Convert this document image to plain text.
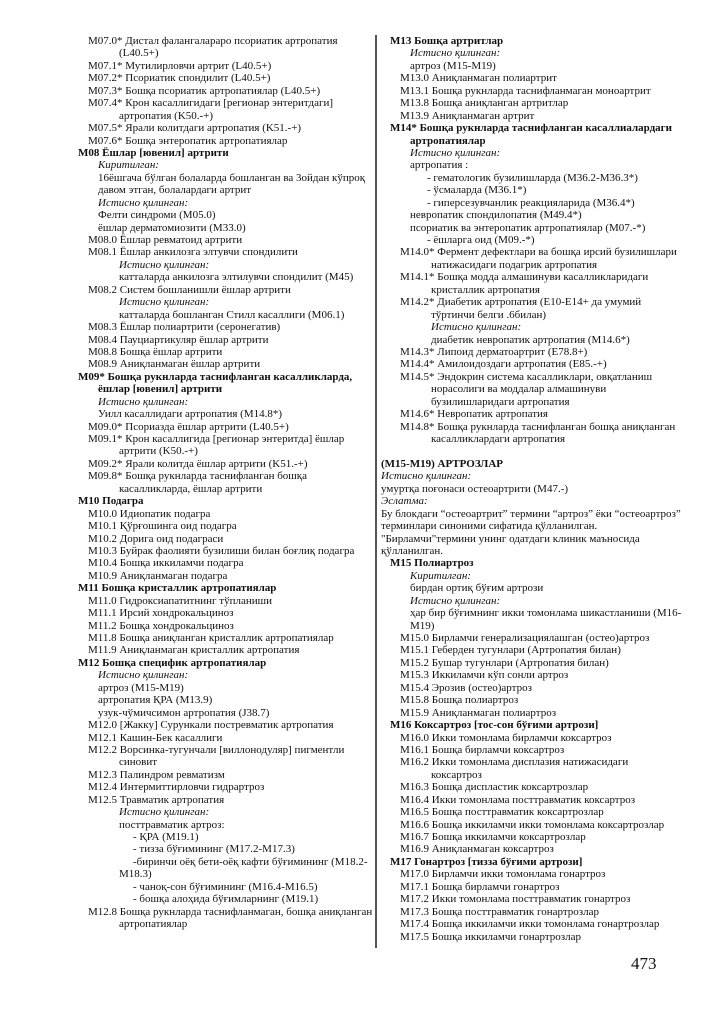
M07.0* Дистал фалангалараро псориатик артропатия
(L40.5+)
M07.1* Мутилирловчи артрит (L40.5+)
M07.2* Псориатик спондилит (L40.5+)
M07.3* Бошқа псориатик артропатиялар (L40.5+)
M07.4* Крон касаллигидаги [регионар энтеритдаги]
артропатия (K50.-+)
M07.5* Ярали колитдаги артропатия (K51.-+)
M07.6* Бошқа энтеропатик артропатиялар
M08 Ёшлар [ювенил] артрити
Киритилган:
16ёшгача бўлган болаларда бошланган ва 3ойдан кўпроқ
давом этган, болалардаги артрит
Истисно қилинган:
Фелти синдроми (M05.0)
ёшлар дерматомиозити (M33.0)
M08.0 Ёшлар ревматоид артрити
M08.1 Ёшлар анкилозга элтувчи спондилити
Истисно қилинган:
катталарда анкилозга элтилувчи спондилит (M45)
M08.2 Систем бошланишли ёшлар артрити
Истисно қилинган:
катталарда бошланган Стилл касаллиги (M06.1)
M08.3 Ёшлар полиартрити (серонегатив)
M08.4 Пауциартикуляр ёшлар артрити
M08.8 Бошқа ёшлар артрити
M08.9 Аниқланмаган ёшлар артрити
M09* Бошқа рукнларда таснифланган касалликларда,
ёшлар [ювенил] артрити
Истисно қилинган:
Уилл касаллидаги артропатия (M14.8*)
M09.0* Псориазда ёшлар артрити (L40.5+)
M09.1* Крон касаллигида [регионар энтеритда] ёшлар
артрити (K50.-+)
M09.2* Ярали колитда ёшлар артрити (K51.-+)
M09.8* Бошқа рукнларда таснифланган бошқа
касалликларда, ёшлар артрити
M10 Подагра
M10.0 Идиопатик подагра
M10.1 Қўрғошинга оид подагра
M10.2 Дорига оид подаграси
M10.3 Буйрак фаолияти бузилиши билан боғлиқ подагра
M10.4 Бошқа иккиламчи подагра
M10.9 Аниқланмаган подагра
M11 Бошқа кристаллик артропатиялар
M11.0 Гидроксиапатитнинг тўпланиши
M11.1 Ирсий хондрокальциноз
M11.2 Бошқа хондрокальциноз
M11.8 Бошқа аниқланган кристаллик артропатиялар
M11.9 Аниқланмаган кристаллик артропатия
M12 Бошқа специфик артропатиялар
Истисно қилинган:
артроз (M15-M19)
артропатия ҚРА (M13.9)
узук-чўмичсимон артропатия (J38.7)
M12.0 [Жакку] Сурункали постревматик артропатия
M12.1 Кашин-Бек касаллиги
M12.2 Ворсинка-тугунчали [виллонодуляр] пигментли
синовит
M12.3 Палиндром ревматизм
M12.4 Интермиттирловчи гидрартроз
M12.5 Травматик артропатия
Истисно қилинган:
посттравматик артроз:
- ҚРА (M19.1)
- тизза бўғимининг (M17.2-M17.3)
-биринчи оёқ бети-оёқ кафти бўғимининг (M18.2-
M18.3)
- чаноқ-сон бўғимининг (M16.4-M16.5)
- бошқа алоҳида бўғимларнинг (M19.1)
M12.8 Бошқа рукнларда таснифланмаган, бошқа аниқланган
артропатиялар
M13 Бошқа артритлар
Истисно қилинган:
артроз (M15-M19)
M13.0 Аниқланмаган полиартрит
M13.1 Бошқа рукнларда таснифланмаган моноартрит
M13.8 Бошқа аниқланган артритлар
M13.9 Аниқланмаган артрит
M14* Бошқа рукнларда таснифланган касаллиалардаги
артропатиялар
Истисно қилинган:
артропатия :
- гематологик бузилишларда (M36.2-M36.3*)
- ўсмаларда (M36.1*)
- гиперсезувчанлик реакцияларида (M36.4*)
невропатик спондилопатия (M49.4*)
псориатик ва энтеропатик артропатиялар (M07.-*)
- ёшларга оид (M09.-*)
M14.0* Фермент дефектлари ва бошқа ирсий бузилишлари
натижасидаги подагрик артропатия
M14.1* Бошқа модда алмашинуви касалликларидаги
кристаллик артропатия
M14.2* Диабетик артропатия (E10-E14+ да умумий
тўртинчи белги .6билан)
Истисно қилинган:
диабетик невропатик артропатия (M14.6*)
M14.3* Липоид дерматоартрит (E78.8+)
M14.4* Амилоидоздаги артропатия (E85.-+)
M14.5* Эндокрин система касалликлари, овқатланиш
норасолиги ва моддалар алмашинуви
бузилишларидаги артропатия
M14.6* Невропатик артропатия
M14.8* Бошқа рукнларда таснифланган бошқа аниқланган
касалликлардаги артропатия
(M15-M19) АРТРОЗЛАР
Истисно қилинган:
умуртқа поғонаси остеоартрити (M47.-)
Эслатма:
Бу блокдаги “остеоартрит” термини “артроз” ёки “остеоартроз”
терминлари синоними сифатида қўлланилган.
"Бирламчи"термини унинг одатдаги клиник маъносида
қўлланилган.
M15 Полиартроз
Киритилган:
бирдан ортиқ бўғим артрози
Истисно қилинган:
ҳар бир бўғимнинг икки томонлама шикастланиши (M16-
M19)
M15.0 Бирламчи генерализациялашган (остео)артроз
M15.1 Геберден тугунлари (Артропатия билан)
M15.2 Бушар тугунлари (Артропатия билан)
M15.3 Иккиламчи кўп сонли артроз
M15.4 Эрозив (остео)артроз
M15.8 Бошқа полиартроз
M15.9 Аниқланмаган полиартроз
M16 Коксартроз [тос-сон бўғими артрози]
M16.0 Икки томонлама бирламчи коксартроз
M16.1 Бошқа бирламчи коксартроз
M16.2 Икки томонлама дисплазия натижасидаги
коксартроз
M16.3 Бошқа диспластик коксартрозлар
M16.4 Икки томонлама посттравматик коксартроз
M16.5 Бошқа посттравматик коксартрозлар
M16.6 Бошқа иккиламчи икки томонлама коксартрозлар
M16.7 Бошқа иккиламчи коксартрозлар
M16.9 Аниқланмаган коксартроз
M17 Гонартроз [тизза бўғими артрози]
M17.0 Бирламчи икки томонлама гонартроз
M17.1 Бошқа бирламчи гонартроз
M17.2 Икки томонлама посттравматик гонартроз
M17.3 Бошқа посттравматик гонартрозлар
M17.4 Бошқа иккиламчи икки томонлама гонартрозлар
M17.5 Бошқа иккиламчи гонартрозлар
473
